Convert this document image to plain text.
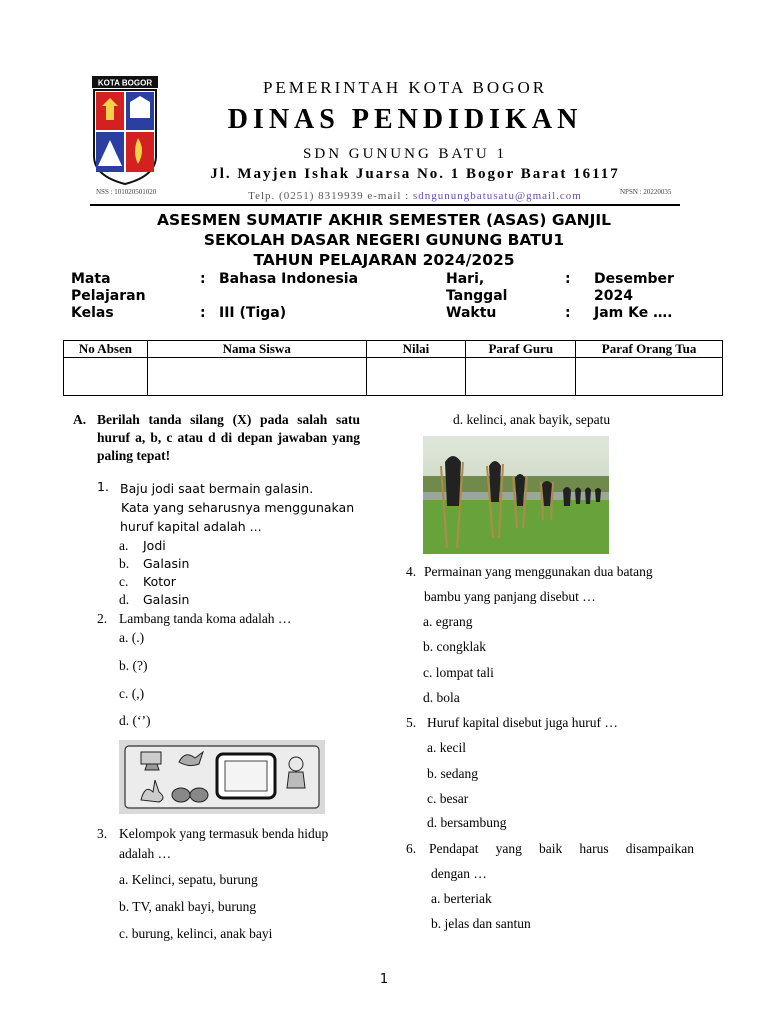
KOTA BOGOR	PEMERINTAH KOTA BOGOR
DINAS PENDIDIKAN
SDN GUNUNG BATU 1
Jl. Mayjen Ishak Juarsa No. 1 Bogor Barat 16117
Telp. (0251) 8319939 e-mail : sdngunungbatusatu@gmail.com
NSS : 101020501020	NPSN : 20220035
ASESMEN SUMATIF AKHIR SEMESTER (ASAS) GANJIL
SEKOLAH DASAR NEGERI GUNUNG BATU1
TAHUN PELAJARAN 2024/2025
Mata
Pelajaran
: Bahasa Indonesia
Kelas	: III (Tiga)
Hari,
Tanggal
: Desember
2024
Waktu	: Jam Ke ….
No Absen	Nama Siswa	Nilai	Paraf Guru	Paraf Orang Tua

A. Berilah tanda silang (X) pada salah satu huruf a, b, c atau d di depan jawaban yang paling tepat!
1. Baju jodi saat bermain galasin.
Kata yang seharusnya menggunakan
huruf kapital adalah ...
a. Jodi
b. Galasin
c. Kotor
d. Galasin
2. Lambang tanda koma adalah …
a. (.)
b. (?)
c. (,)
d. (‘’)
3. Kelompok yang termasuk benda hidup
adalah …
a. Kelinci, sepatu, burung
b. TV, anakl bayi, burung
c. burung, kelinci, anak bayi
d. kelinci, anak bayik, sepatu
4. Permainan yang menggunakan dua batang
bambu yang panjang disebut …
a. egrang
b. congklak
c. lompat tali
d. bola
5. Huruf kapital disebut juga huruf …
a. kecil
b. sedang
c. besar
d. bersambung
6. Pendapat yang baik harus disampaikan
dengan …
a. berteriak
b. jelas dan santun
1
